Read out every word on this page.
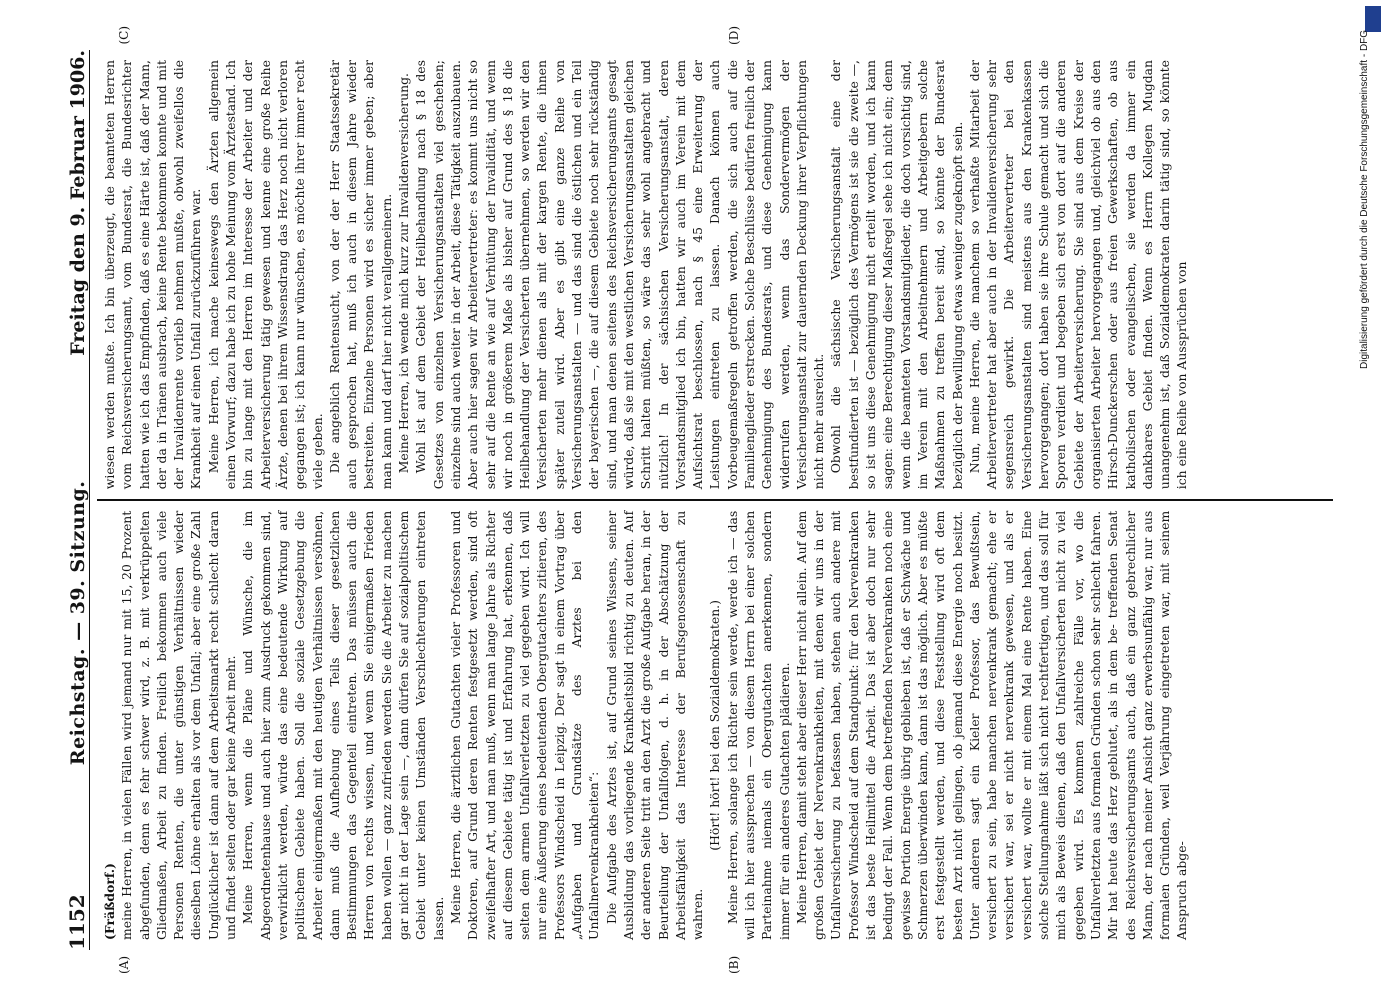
1152
Reichstag. — 39. Sitzung.
Freitag den 9. Februar 1906.
(A)	(B)
(C)	(D)

(Fräßdorf.) meine Herren, in vielen Fällen wird jemand nur mit 15, 20 Prozent abgefunden, denn es fehr schwer wird, z. B. mit verkrüppelten Gliedmaßen, Arbeit zu finden. Freilich bekommen auch viele Personen Renten, die unter günstigen Verhältnissen wieder dieselben Löhne erhalten als vor dem Unfall; aber eine große Zahl Unglücklicher ist dann auf dem Arbeitsmarkt recht schlecht daran und findet selten oder gar keine Arbeit mehr. Meine Herren, wenn die Pläne und Wünsche, die im Abgeordnetenhause und auch hier zum Ausdruck gekommen sind, verwirklicht werden, würde das eine bedeutende Wirkung auf politischem Gebiete haben. Soll die soziale Gesetzgebung die Arbeiter einigermaßen mit den heutigen Verhältnissen versöhnen, dann muß die Aufhebung eines Teils dieser gesetzlichen Bestimmungen das Gegenteil eintreten. Das müssen auch die Herren von rechts wissen, und wenn Sie einigermaßen Frieden haben wollen — ganz zufrieden werden Sie die Arbeiter zu machen gar nicht in der Lage sein —, dann dürfen Sie auf sozialpolitischem Gebiet unter keinen Umständen Verschlechterungen eintreten lassen. Meine Herren, die ärztlichen Gutachten vieler Professoren und Doktoren, auf Grund deren Renten festgesetzt werden, sind oft zweifelhafter Art, und man muß, wenn man lange Jahre als Richter auf diesem Gebiete tätig ist und Erfahrung hat, erkennen, daß selten dem armen Unfallverletzten zu viel gegeben wird. Ich will nur eine Äußerung eines bedeutenden Obergutachters zitieren, des Professors Windscheid in Leipzig. Der sagt in einem Vortrag über „Aufgaben und Grundsätze des Arztes bei den Unfallnervenkrankheiten“: Die Aufgabe des Arztes ist, auf Grund seines Wissens, seiner Ausbildung das vorliegende Krankheitsbild richtig zu deuten. Auf der anderen Seite tritt an den Arzt die große Aufgabe heran, in der Beurteilung der Unfallfolgen, d. h. in der Abschätzung der Arbeitsfähigkeit das Interesse der Berufsgenossenschaft zu wahren.

(Hört! hört! bei den Sozialdemokraten.) Meine Herren, solange ich Richter sein werde, werde ich — das will ich hier aussprechen — von diesem Herrn bei einer solchen Parteinahme niemals ein Obergutachten anerkennen, sondern immer für ein anderes Gutachten plädieren. Meine Herren, damit steht aber dieser Herr nicht allein. Auf dem großen Gebiet der Nervenkrankheiten, mit denen wir uns in der Unfallversicherung zu befassen haben, stehen auch andere mit Professor Windscheid auf dem Standpunkt: für den Nervenkranken ist das beste Heilmittel die Arbeit. Das ist aber doch nur sehr bedingt der Fall. Wenn dem betreffenden Nervenkranken noch eine gewisse Portion Energie übrig geblieben ist, daß er Schwäche und Schmerzen überwinden kann, dann ist das möglich. Aber es müßte erst festgestellt werden, und diese Feststellung wird oft dem besten Arzt nicht gelingen, ob jemand diese Energie noch besitzt. Unter anderen sagt ein Kieler Professor, das Bewußtsein, versichert zu sein, habe manchen nervenkrank gemacht; ehe er versichert war, sei er nicht nervenkrank gewesen, und als er versichert war, wollte er mit einem Mal eine Rente haben. Eine solche Stellungnahme läßt sich nicht rechtfertigen, und das soll für mich als Beweis dienen, daß den Unfallversicherten nicht zu viel gegeben wird. Es kommen zahlreiche Fälle vor, wo die Unfallverletzten aus formalen Gründen schon sehr schlecht fahren. Mir hat heute das Herz geblutet, als in dem be- treffenden Senat des Reichsversicherungsamts auch, daß ein ganz gebrechlicher Mann, der nach meiner Ansicht ganz erwerbsunfähig war, nur aus formalen Gründen, weil Verjährung eingetreten war, mit seinem Anspruch abge-

wiesen werden mußte. Ich bin überzeugt, die beamteten Herren vom Reichsversicherungsamt, vom Bundesrat, die Bundesrichter hatten wie ich das Empfinden, daß es eine Härte ist, daß der Mann, der da in Tränen ausbrach, keine Rente bekommen konnte und mit der Invalidenrente vorlieb nehmen mußte, obwohl zweifellos die Krankheit auf einen Unfall zurückzuführen war. Meine Herren, ich mache keineswegs den Ärzten allgemein einen Vorwurf; dazu habe ich zu hohe Meinung vom Ärztestand. Ich bin zu lange mit den Herren im Interesse der Arbeiter und der Arbeiterversicherung tätig gewesen und kenne eine große Reihe Ärzte, denen bei ihrem Wissensdrang das Herz noch nicht verloren gegangen ist; ich kann nur wünschen, es möchte ihrer immer recht viele geben. Die angeblich Rentensucht, von der der Herr Staatssekretär auch gesprochen hat, muß ich auch in diesem Jahre wieder bestreiten. Einzelne Personen wird es sicher immer geben; aber man kann und darf hier nicht verallgemeinern. Meine Herren, ich wende mich kurz zur Invalidenversicherung. Wohl ist auf dem Gebiet der Heilbehandlung nach § 18 des Gesetzes von einzelnen Versicherungsanstalten viel geschehen; einzelne sind auch weiter in der Arbeit, diese Tätigkeit auszubauen. Aber auch hier sagen wir Arbeitervertreter: es kommt uns nicht so sehr auf die Rente an wie auf Verhütung der Invalidität, und wenn wir noch in größerem Maße als bisher auf Grund des § 18 die Heilbehandlung der Versicherten übernehmen, so werden wir den Versicherten mehr dienen als mit der kargen Rente, die ihnen später zuteil wird. Aber es gibt eine ganze Reihe von Versicherungsanstalten — und das sind die östlichen und ein Teil der bayerischen —, die auf diesem Gebiete noch sehr rückständig sind, und man denen seitens des Reichsversicherungsamts gesagt würde, daß sie mit den westlichen Versicherungsanstalten gleichen Schritt halten müßten, so wäre das sehr wohl angebracht und nützlich! In der sächsischen Versicherungsanstalt, deren Vorstandsmitglied ich bin, hatten wir auch im Verein mit dem Aufsichtsrat beschlossen, nach § 45 eine Erweiterung der Leistungen eintreten zu lassen. Danach können auch Vorbeugemaßregeln getroffen werden, die sich auch auf die Familienglieder erstrecken. Solche Beschlüsse bedürfen freilich der Genehmigung des Bundesrats, und diese Genehmigung kann widerrufen werden, wenn das Sondervermögen der Versicherungsanstalt zur dauernden Deckung ihrer Verpflichtungen nicht mehr ausreicht. Obwohl die sächsische Versicherungsanstalt eine der bestfundierten ist — bezüglich des Vermögens ist sie die zweite —, so ist uns diese Genehmigung nicht erteilt worden, und ich kann sagen: eine Berechtigung dieser Maßregel sehe ich nicht ein; denn wenn die beamteten Vorstandsmitglieder, die doch vorsichtig sind, im Verein mit den Arbeitnehmern und Arbeitgebern solche Maßnahmen zu treffen bereit sind, so könnte der Bundesrat bezüglich der Bewilligung etwas weniger zugeknöpft sein. Nun, meine Herren, die manchem so verhaßte Mitarbeit der Arbeitervertreter hat aber auch in der Invalidenversicherung sehr segensreich gewirkt. Die Arbeitervertreter bei den Versicherungsanstalten sind meistens aus den Krankenkassen hervorgegangen; dort haben sie ihre Schule gemacht und sich die Sporen verdient und begeben sich erst von dort auf die anderen Gebiete der Arbeiterversicherung. Sie sind aus dem Kreise der organisierten Arbeiter hervorgegangen und, gleichviel ob aus den Hirsch-Dunckerschen oder aus freien Gewerkschaften, ob aus katholischen oder evangelischen, sie werden da immer ein dankbares Gebiet finden. Wenn es Herrn Kollegen Mugdan unangenehm ist, daß Sozialdemokraten darin tätig sind, so könnte ich eine Reihe von Aussprüchen von

Digitalisierung gefördert durch die Deutsche Forschungsgemeinschaft - DFG
